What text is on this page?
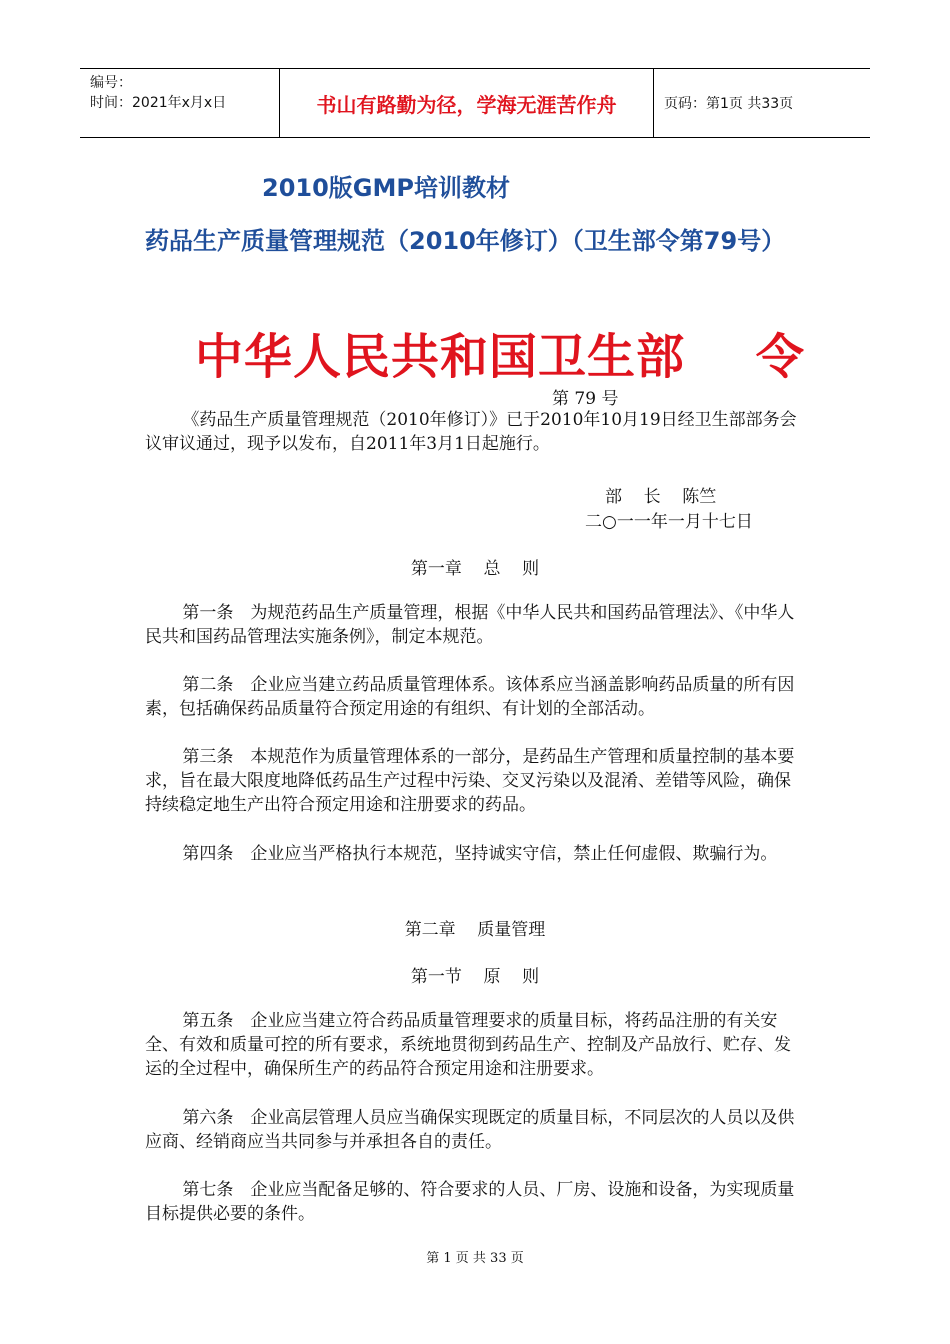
编号：
时间：2021年x月x日	书山有路勤为径，学海无涯苦作舟	页码：第1页 共33页
2010版GMP培训教材
药品生产质量管理规范（2010年修订）（卫生部令第79号）
中华人民共和国卫生部    令
第 79 号
《药品生产质量管理规范（2010年修订）》已于2010年10月19日经卫生部部务会议审议通过，现予以发布，自2011年3月1日起施行。
部    长    陈竺
二○一一年一月十七日
第一章    总    则
第一条　为规范药品生产质量管理，根据《中华人民共和国药品管理法》、《中华人民共和国药品管理法实施条例》，制定本规范。
第二条　企业应当建立药品质量管理体系。该体系应当涵盖影响药品质量的所有因素，包括确保药品质量符合预定用途的有组织、有计划的全部活动。
第三条　本规范作为质量管理体系的一部分，是药品生产管理和质量控制的基本要求，旨在最大限度地降低药品生产过程中污染、交叉污染以及混淆、差错等风险，确保持续稳定地生产出符合预定用途和注册要求的药品。
第四条　企业应当严格执行本规范，坚持诚实守信，禁止任何虚假、欺骗行为。
第二章    质量管理
第一节    原    则
第五条　企业应当建立符合药品质量管理要求的质量目标，将药品注册的有关安全、有效和质量可控的所有要求，系统地贯彻到药品生产、控制及产品放行、贮存、发运的全过程中，确保所生产的药品符合预定用途和注册要求。
第六条　企业高层管理人员应当确保实现既定的质量目标，不同层次的人员以及供应商、经销商应当共同参与并承担各自的责任。
第七条　企业应当配备足够的、符合要求的人员、厂房、设施和设备，为实现质量目标提供必要的条件。
第 1 页 共 33 页
